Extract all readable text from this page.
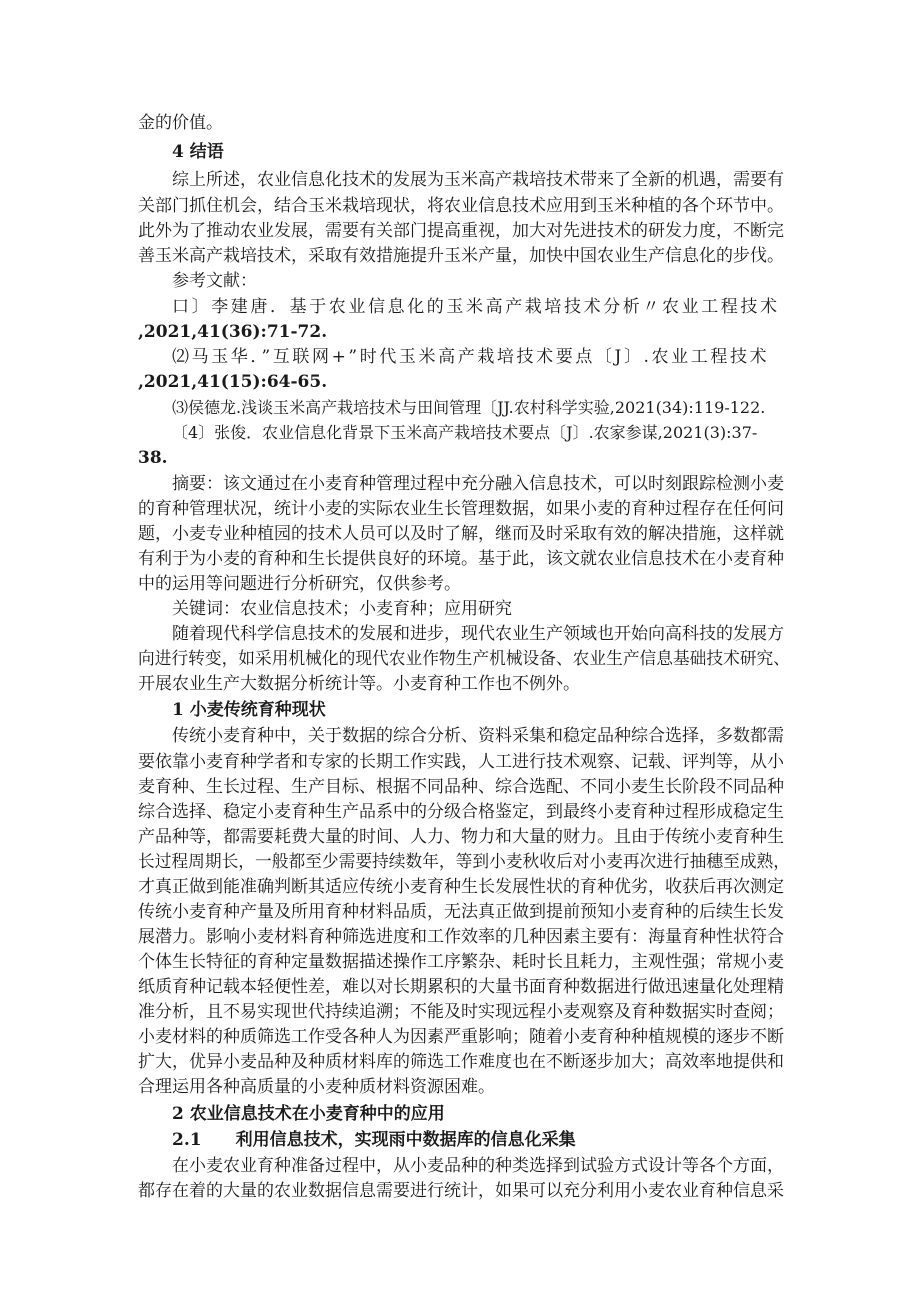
金的价值。
4 结语
综上所述，农业信息化技术的发展为玉米高产栽培技术带来了全新的机遇，需要有
关部门抓住机会，结合玉米栽培现状，将农业信息技术应用到玉米种植的各个环节中。
此外为了推动农业发展，需要有关部门提高重视，加大对先进技术的研发力度，不断完
善玉米高产栽培技术，采取有效措施提升玉米产量，加快中国农业生产信息化的步伐。
参考文献：
口〕李建唐．基于农业信息化的玉米高产栽培技术分析〃农业工程技术
,2021,41(36):71-72.
⑵马玉华．”互联网+”时代玉米高产栽培技术要点〔J〕.农业工程技术
,2021,41(15):64-65.
⑶侯德龙.浅谈玉米高产栽培技术与田间管理〔JJ.农村科学实验,2021(34):119-122.
〔4〕张俊．农业信息化背景下玉米高产栽培技术要点〔J〕.农家参谋,2021(3):37-
38.
摘要：该文通过在小麦育种管理过程中充分融入信息技术，可以时刻跟踪检测小麦
的育种管理状况，统计小麦的实际农业生长管理数据，如果小麦的育种过程存在任何问
题，小麦专业种植园的技术人员可以及时了解，继而及时采取有效的解决措施，这样就
有利于为小麦的育种和生长提供良好的环境。基于此，该文就农业信息技术在小麦育种
中的运用等问题进行分析研究，仅供参考。
关键词：农业信息技术；小麦育种；应用研究
随着现代科学信息技术的发展和进步，现代农业生产领域也开始向高科技的发展方
向进行转变，如采用机械化的现代农业作物生产机械设备、农业生产信息基础技术研究、
开展农业生产大数据分析统计等。小麦育种工作也不例外。
1 小麦传统育种现状
传统小麦育种中，关于数据的综合分析、资料采集和稳定品种综合选择，多数都需
要依靠小麦育种学者和专家的长期工作实践，人工进行技术观察、记载、评判等，从小
麦育种、生长过程、生产目标、根据不同品种、综合选配、不同小麦生长阶段不同品种
综合选择、稳定小麦育种生产品系中的分级合格鉴定，到最终小麦育种过程形成稳定生
产品种等，都需要耗费大量的时间、人力、物力和大量的财力。且由于传统小麦育种生
长过程周期长，一般都至少需要持续数年，等到小麦秋收后对小麦再次进行抽穗至成熟，
才真正做到能准确判断其适应传统小麦育种生长发展性状的育种优劣，收获后再次测定
传统小麦育种产量及所用育种材料品质，无法真正做到提前预知小麦育种的后续生长发
展潜力。影响小麦材料育种筛选进度和工作效率的几种因素主要有：海量育种性状符合
个体生长特征的育种定量数据描述操作工序繁杂、耗时长且耗力，主观性强；常规小麦
纸质育种记载本轻便性差，难以对长期累积的大量书面育种数据进行做迅速量化处理精
准分析，且不易实现世代持续追溯；不能及时实现远程小麦观察及育种数据实时查阅；
小麦材料的种质筛选工作受各种人为因素严重影响；随着小麦育种种植规模的逐步不断
扩大，优异小麦品种及种质材料库的筛选工作难度也在不断逐步加大；高效率地提供和
合理运用各种高质量的小麦种质材料资源困难。
2 农业信息技术在小麦育种中的应用
2.1　　利用信息技术，实现雨中数据库的信息化采集
在小麦农业育种准备过程中，从小麦品种的种类选择到试验方式设计等各个方面，
都存在着的大量的农业数据信息需要进行统计，如果可以充分利用小麦农业育种信息采
